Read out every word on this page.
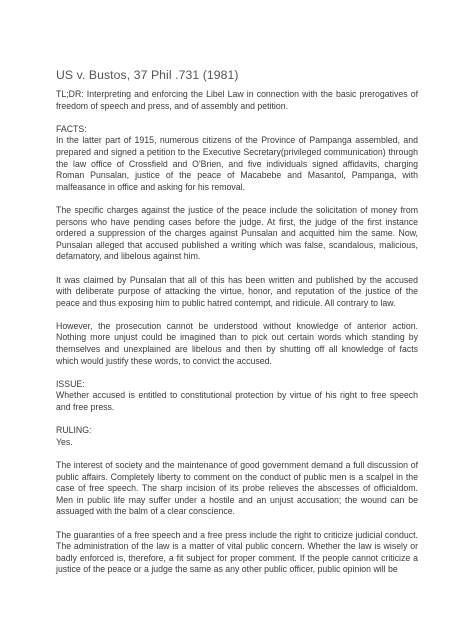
US v. Bustos, 37 Phil .731 (1981)
TL;DR: Interpreting and enforcing the Libel Law in connection with the basic prerogatives of freedom of speech and press, and of assembly and petition.
FACTS:
In the latter part of 1915, numerous citizens of the Province of Pampanga assembled, and prepared and signed a petition to the Executive Secretary(privileged communication) through the law office of Crossfield and O'Brien, and five individuals signed affidavits, charging Roman Punsalan, justice of the peace of Macabebe and Masantol, Pampanga, with malfeasance in office and asking for his removal.
The specific charges against the justice of the peace include the solicitation of money from persons who have pending cases before the judge. At first, the judge of the first instance ordered a suppression of the charges against Punsalan and acquitted him the same. Now, Punsalan alleged that accused published a writing which was false, scandalous, malicious, defamatory, and libelous against him.
It was claimed by Punsalan that all of this has been written and published by the accused with deliberate purpose of attacking the virtue, honor, and reputation of the justice of the peace and thus exposing him to public hatred contempt, and ridicule. All contrary to law.
However, the prosecution cannot be understood without knowledge of anterior action. Nothing more unjust could be imagined than to pick out certain words which standing by themselves and unexplained are libelous and then by shutting off all knowledge of facts which would justify these words, to convict the accused.
ISSUE:
Whether accused is entitled to constitutional protection by virtue of his right to free speech and free press.
RULING:
Yes.
The interest of society and the maintenance of good government demand a full discussion of public affairs. Completely liberty to comment on the conduct of public men is a scalpel in the case of free speech. The sharp incision of its probe relieves the abscesses of officialdom. Men in public life may suffer under a hostile and an unjust accusation; the wound can be assuaged with the balm of a clear conscience.
The guaranties of a free speech and a free press include the right to criticize judicial conduct. The administration of the law is a matter of vital public concern. Whether the law is wisely or badly enforced is, therefore, a fit subject for proper comment. If the people cannot criticize a justice of the peace or a judge the same as any other public officer, public opinion will be
